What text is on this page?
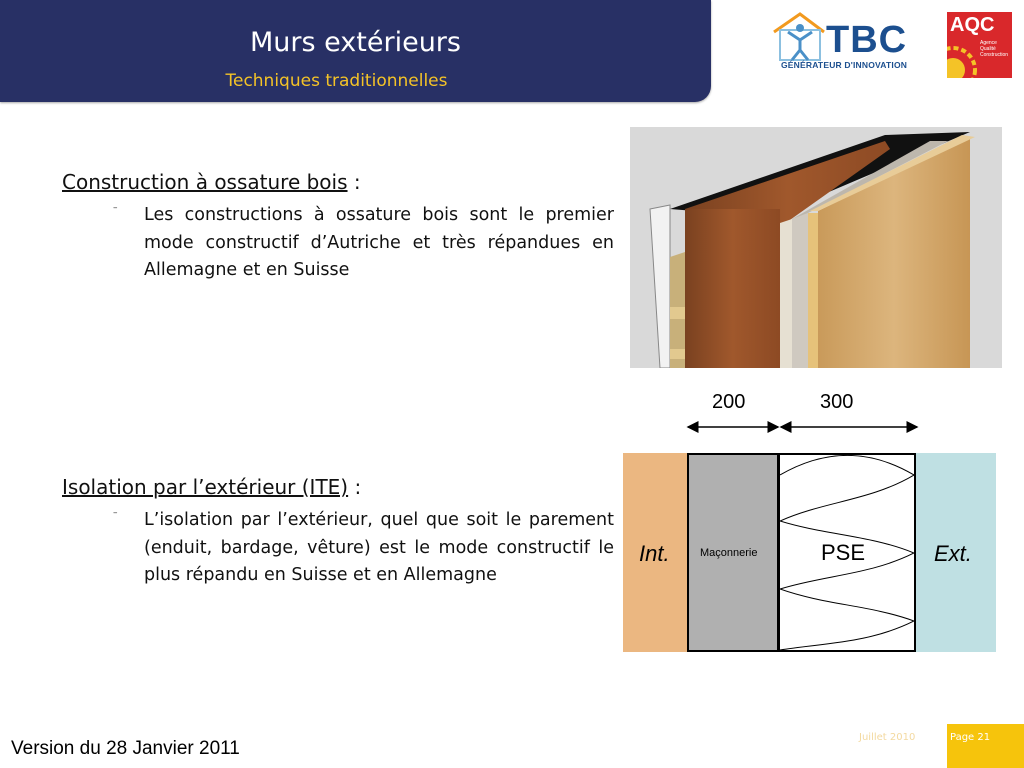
Murs extérieurs
Techniques traditionnelles
TBC
GÉNÉRATEUR D'INNOVATION
AQC
Agence
Qualité
Construction
Construction à ossature bois :
– Les constructions à ossature bois sont le premier mode constructif d’Autriche et très répandues en Allemagne et en Suisse
Isolation par l’extérieur (ITE) :
– L’isolation par l’extérieur, quel que soit le parement (enduit, bardage, vêture) est le mode constructif le plus répandu en Suisse et en Allemagne
200	300
Int.	Maçonnerie	PSE	Ext.
Version du 28 Janvier 2011
Juillet 2010	Page 21
